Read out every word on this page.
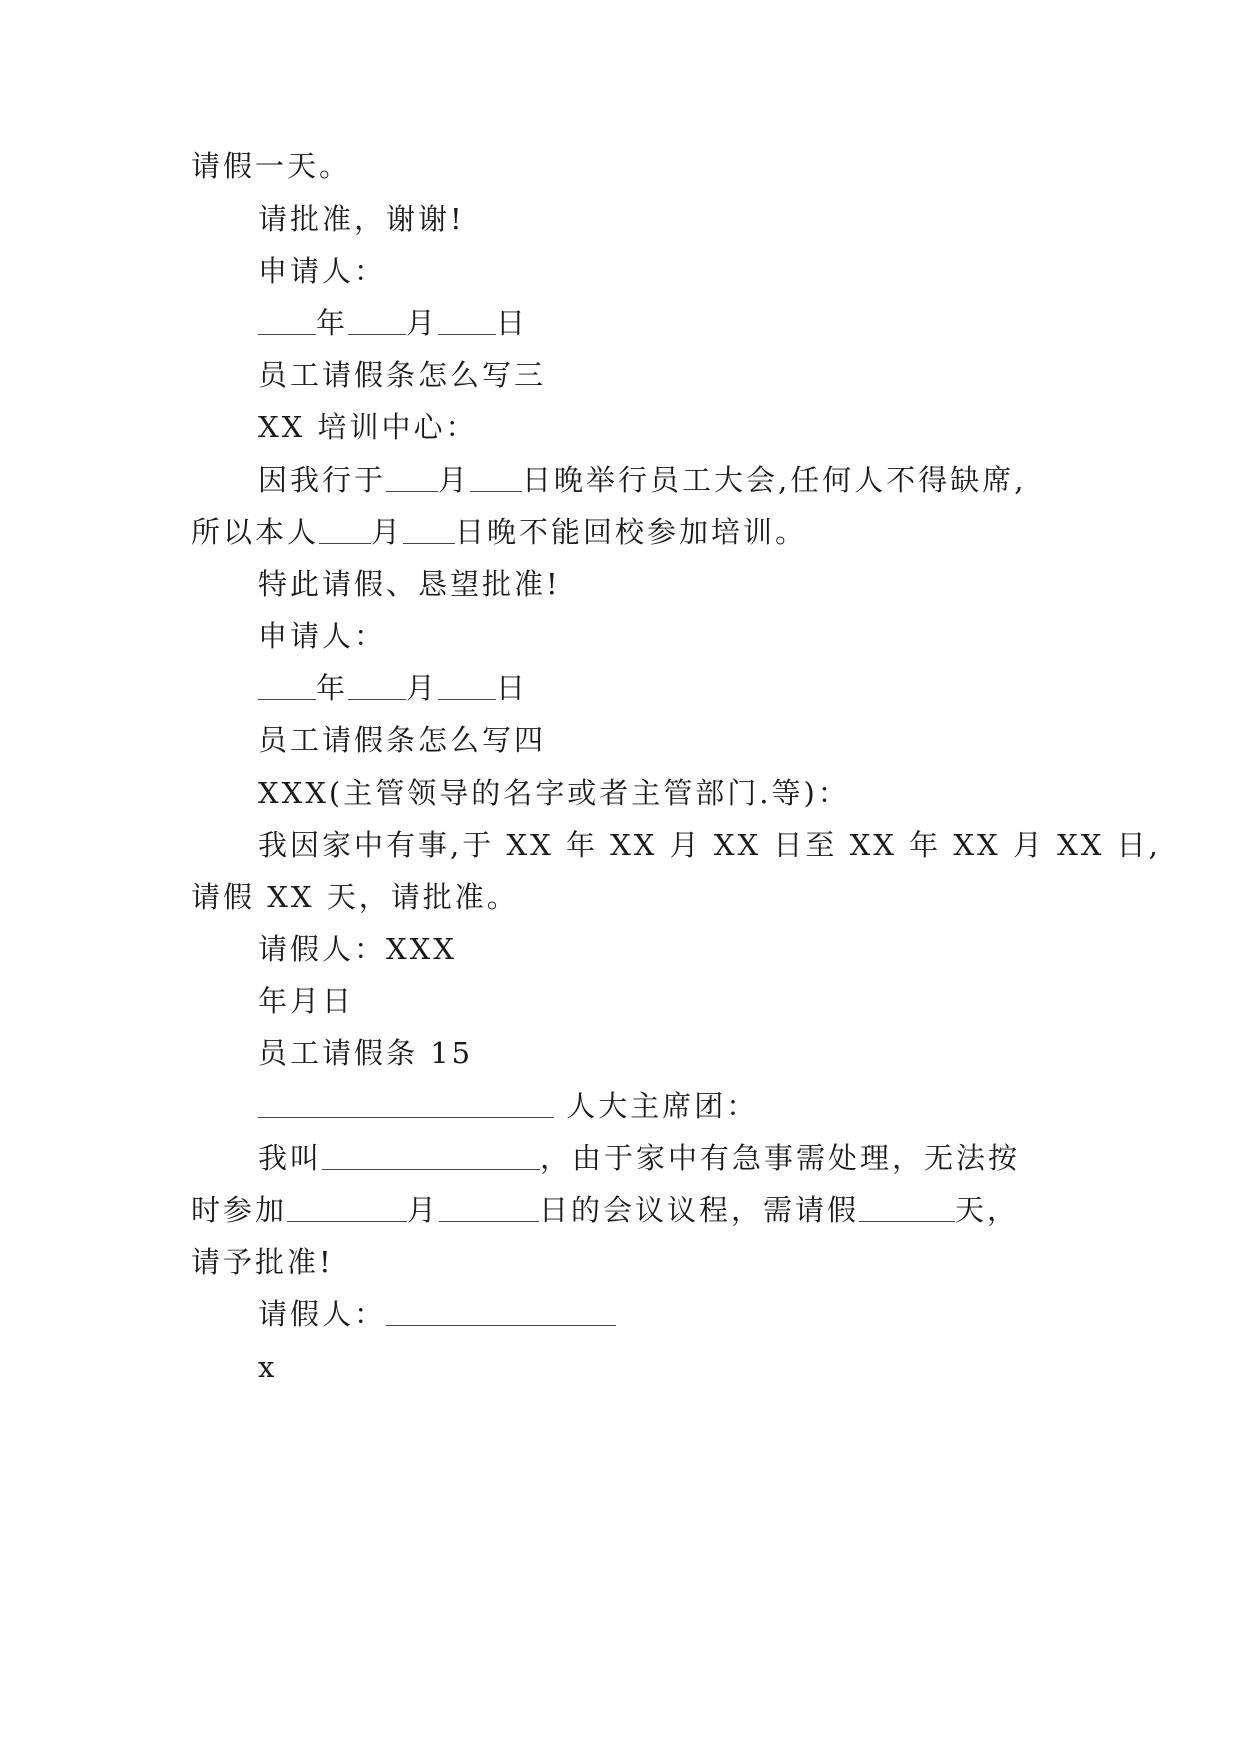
请假一天。

请批准，谢谢!

申请人：

年 月 日

员工请假条怎么写三

XX 培训中心：

因我行于 月 日晚举行员工大会,任何人不得缺席,

所以本人 月 日晚不能回校参加培训。

特此请假、恳望批准!

申请人：

年 月 日

员工请假条怎么写四

XXX(主管领导的名字或者主管部门.等)：

我因家中有事,于 XX 年 XX 月 XX 日至 XX 年 XX 月 XX 日,

请假 XX 天，请批准。

请假人：XXX

年月日

员工请假条 15

人大主席团：

我叫	，由于家中有急事需处理，无法按

时参加	月	日的会议议程，需请假	天，

请予批准!

请假人：

x
